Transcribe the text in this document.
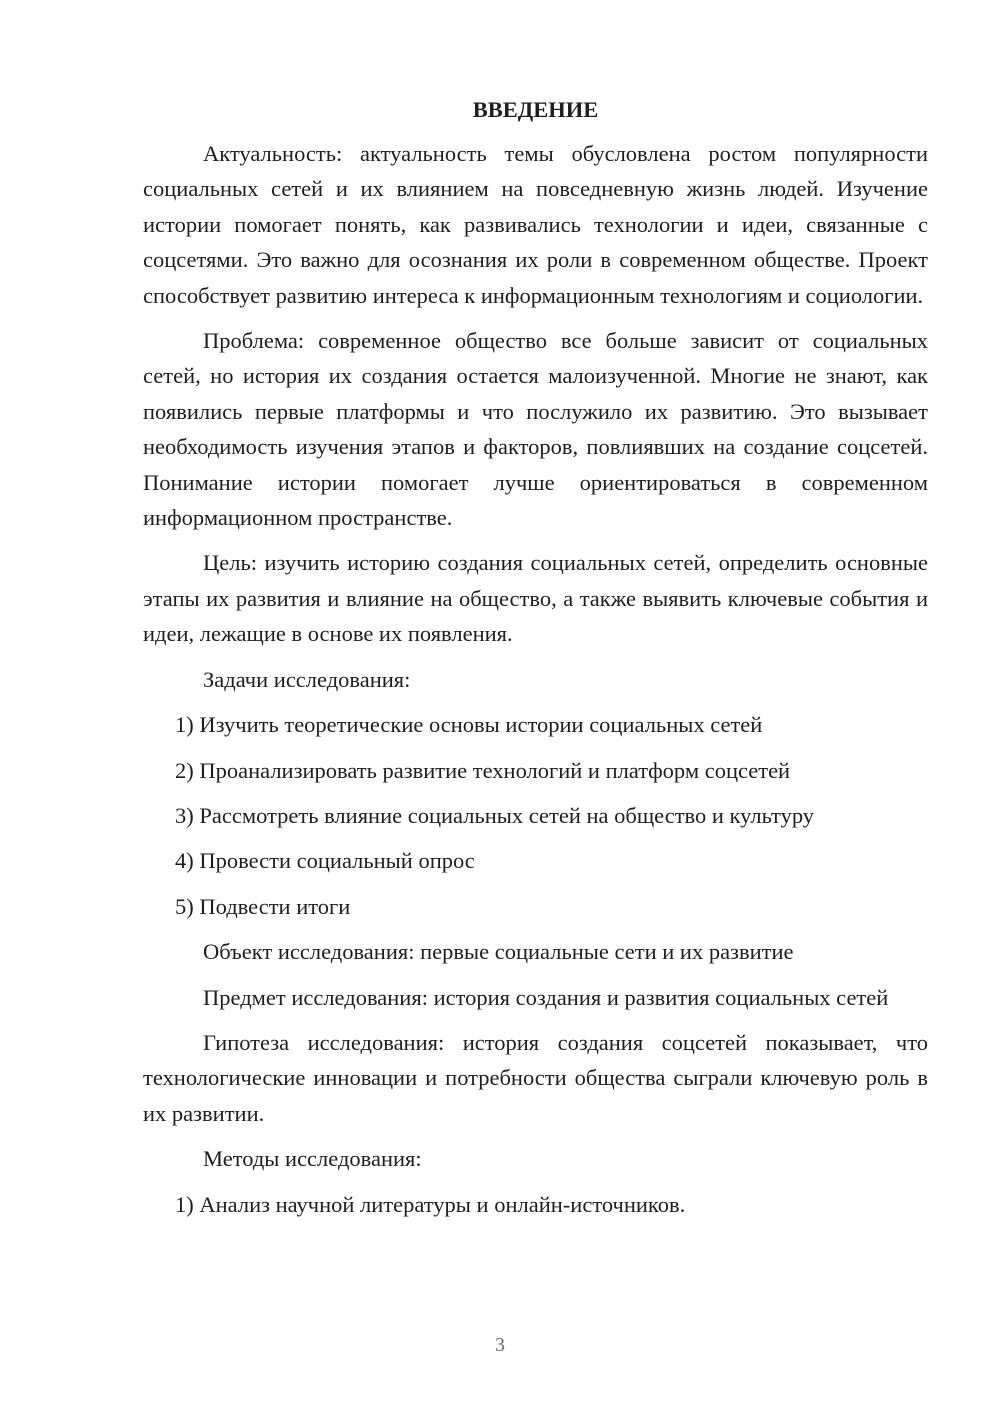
ВВЕДЕНИЕ

Актуальность: актуальность темы обусловлена ростом популярности социальных сетей и их влиянием на повседневную жизнь людей. Изучение истории помогает понять, как развивались технологии и идеи, связанные с соцсетями. Это важно для осознания их роли в современном обществе. Проект способствует развитию интереса к информационным технологиям и социологии.

Проблема: современное общество все больше зависит от социальных сетей, но история их создания остается малоизученной. Многие не знают, как появились первые платформы и что послужило их развитию. Это вызывает необходимость изучения этапов и факторов, повлиявших на создание соцсетей. Понимание истории помогает лучше ориентироваться в современном информационном пространстве.

Цель: изучить историю создания социальных сетей, определить основные этапы их развития и влияние на общество, а также выявить ключевые события и идеи, лежащие в основе их появления.

Задачи исследования:

1) Изучить теоретические основы истории социальных сетей

2) Проанализировать развитие технологий и платформ соцсетей

3) Рассмотреть влияние социальных сетей на общество и культуру

4) Провести социальный опрос

5) Подвести итоги

Объект исследования: первые социальные сети и их развитие

Предмет исследования: история создания и развития социальных сетей

Гипотеза исследования: история создания соцсетей показывает, что технологические инновации и потребности общества сыграли ключевую роль в их развитии.

Методы исследования:

1) Анализ научной литературы и онлайн-источников.

3
